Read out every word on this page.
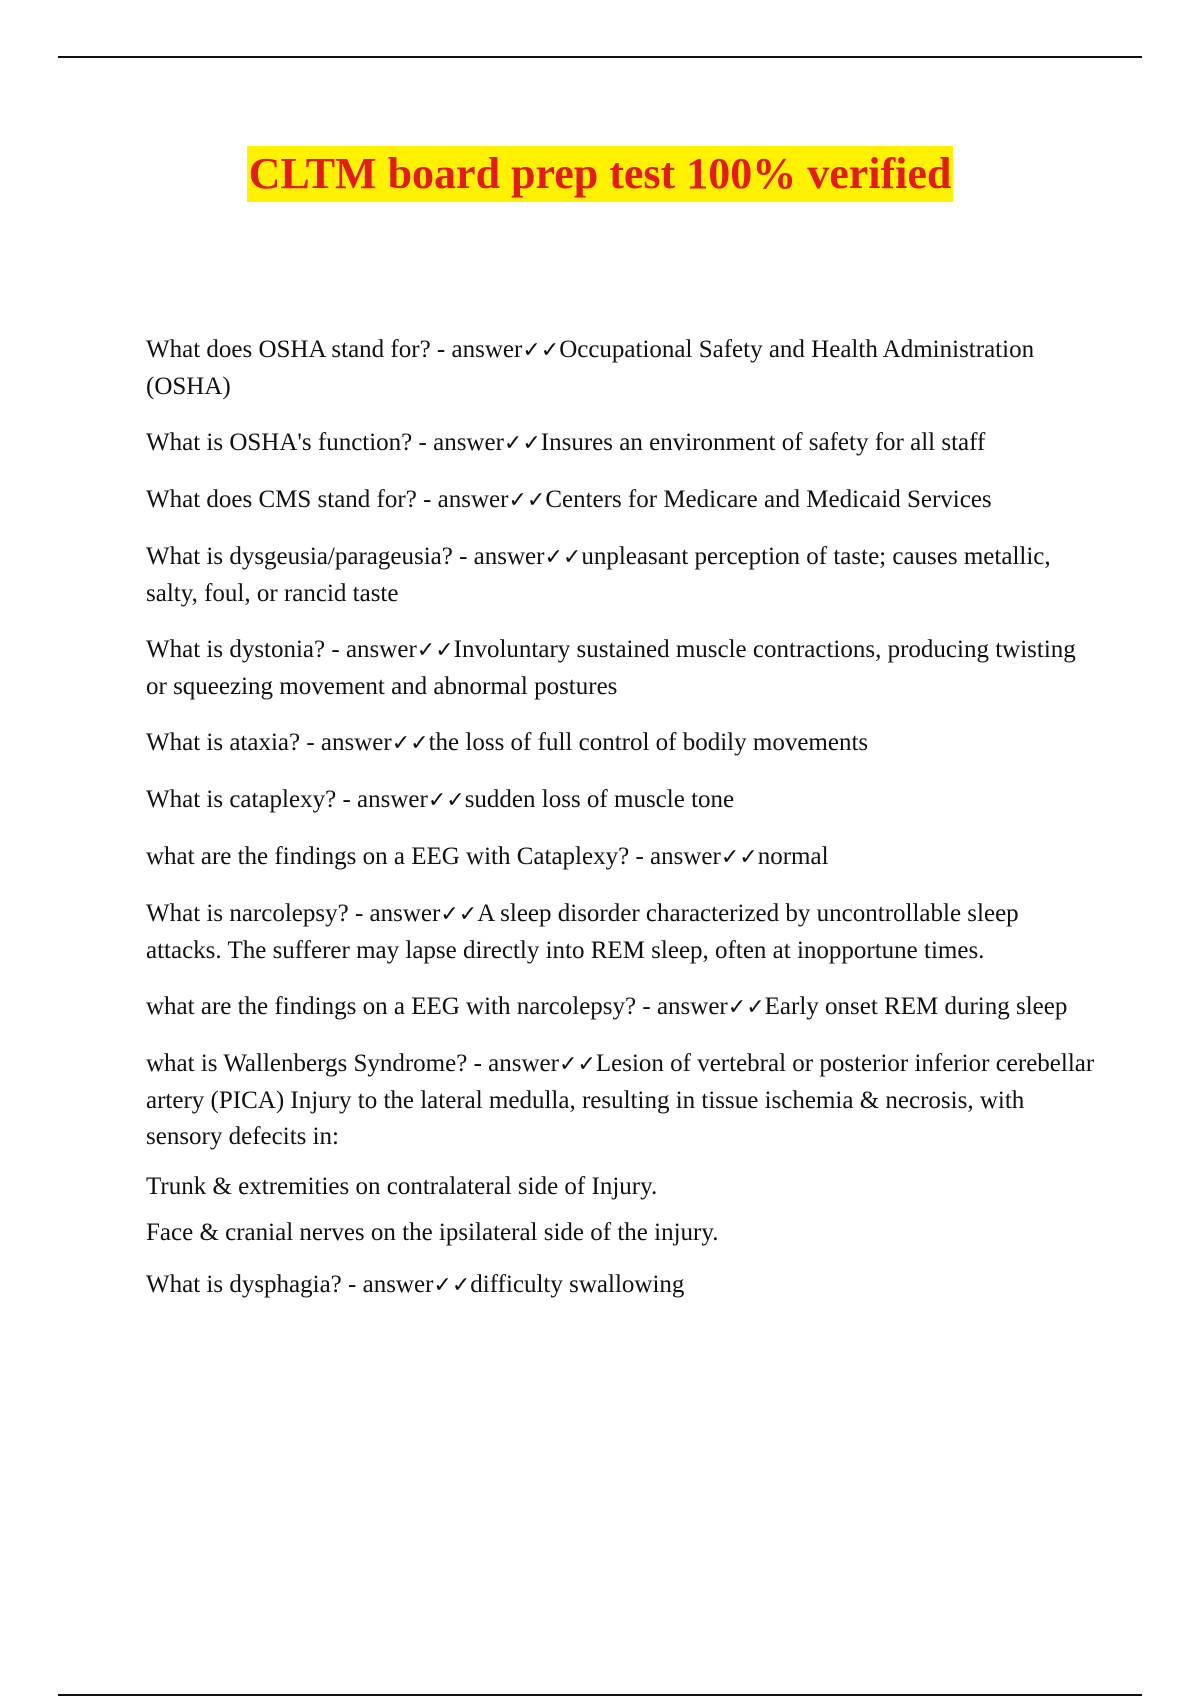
CLTM board prep test 100% verified

What does OSHA stand for? - answer✓✓Occupational Safety and Health Administration (OSHA)

What is OSHA's function? - answer✓✓Insures an environment of safety for all staff

What does CMS stand for? - answer✓✓Centers for Medicare and Medicaid Services

What is dysgeusia/parageusia? - answer✓✓unpleasant perception of taste; causes metallic, salty, foul, or rancid taste

What is dystonia? - answer✓✓Involuntary sustained muscle contractions, producing twisting or squeezing movement and abnormal postures

What is ataxia? - answer✓✓the loss of full control of bodily movements

What is cataplexy? - answer✓✓sudden loss of muscle tone

what are the findings on a EEG with Cataplexy? - answer✓✓normal

What is narcolepsy? - answer✓✓A sleep disorder characterized by uncontrollable sleep attacks. The sufferer may lapse directly into REM sleep, often at inopportune times.

what are the findings on a EEG with narcolepsy? - answer✓✓Early onset REM during sleep

what is Wallenbergs Syndrome? - answer✓✓Lesion of vertebral or posterior inferior cerebellar artery (PICA) Injury to the lateral medulla, resulting in tissue ischemia & necrosis, with sensory defecits in:

Trunk & extremities on contralateral side of Injury.

Face & cranial nerves on the ipsilateral side of the injury.

What is dysphagia? - answer✓✓difficulty swallowing
